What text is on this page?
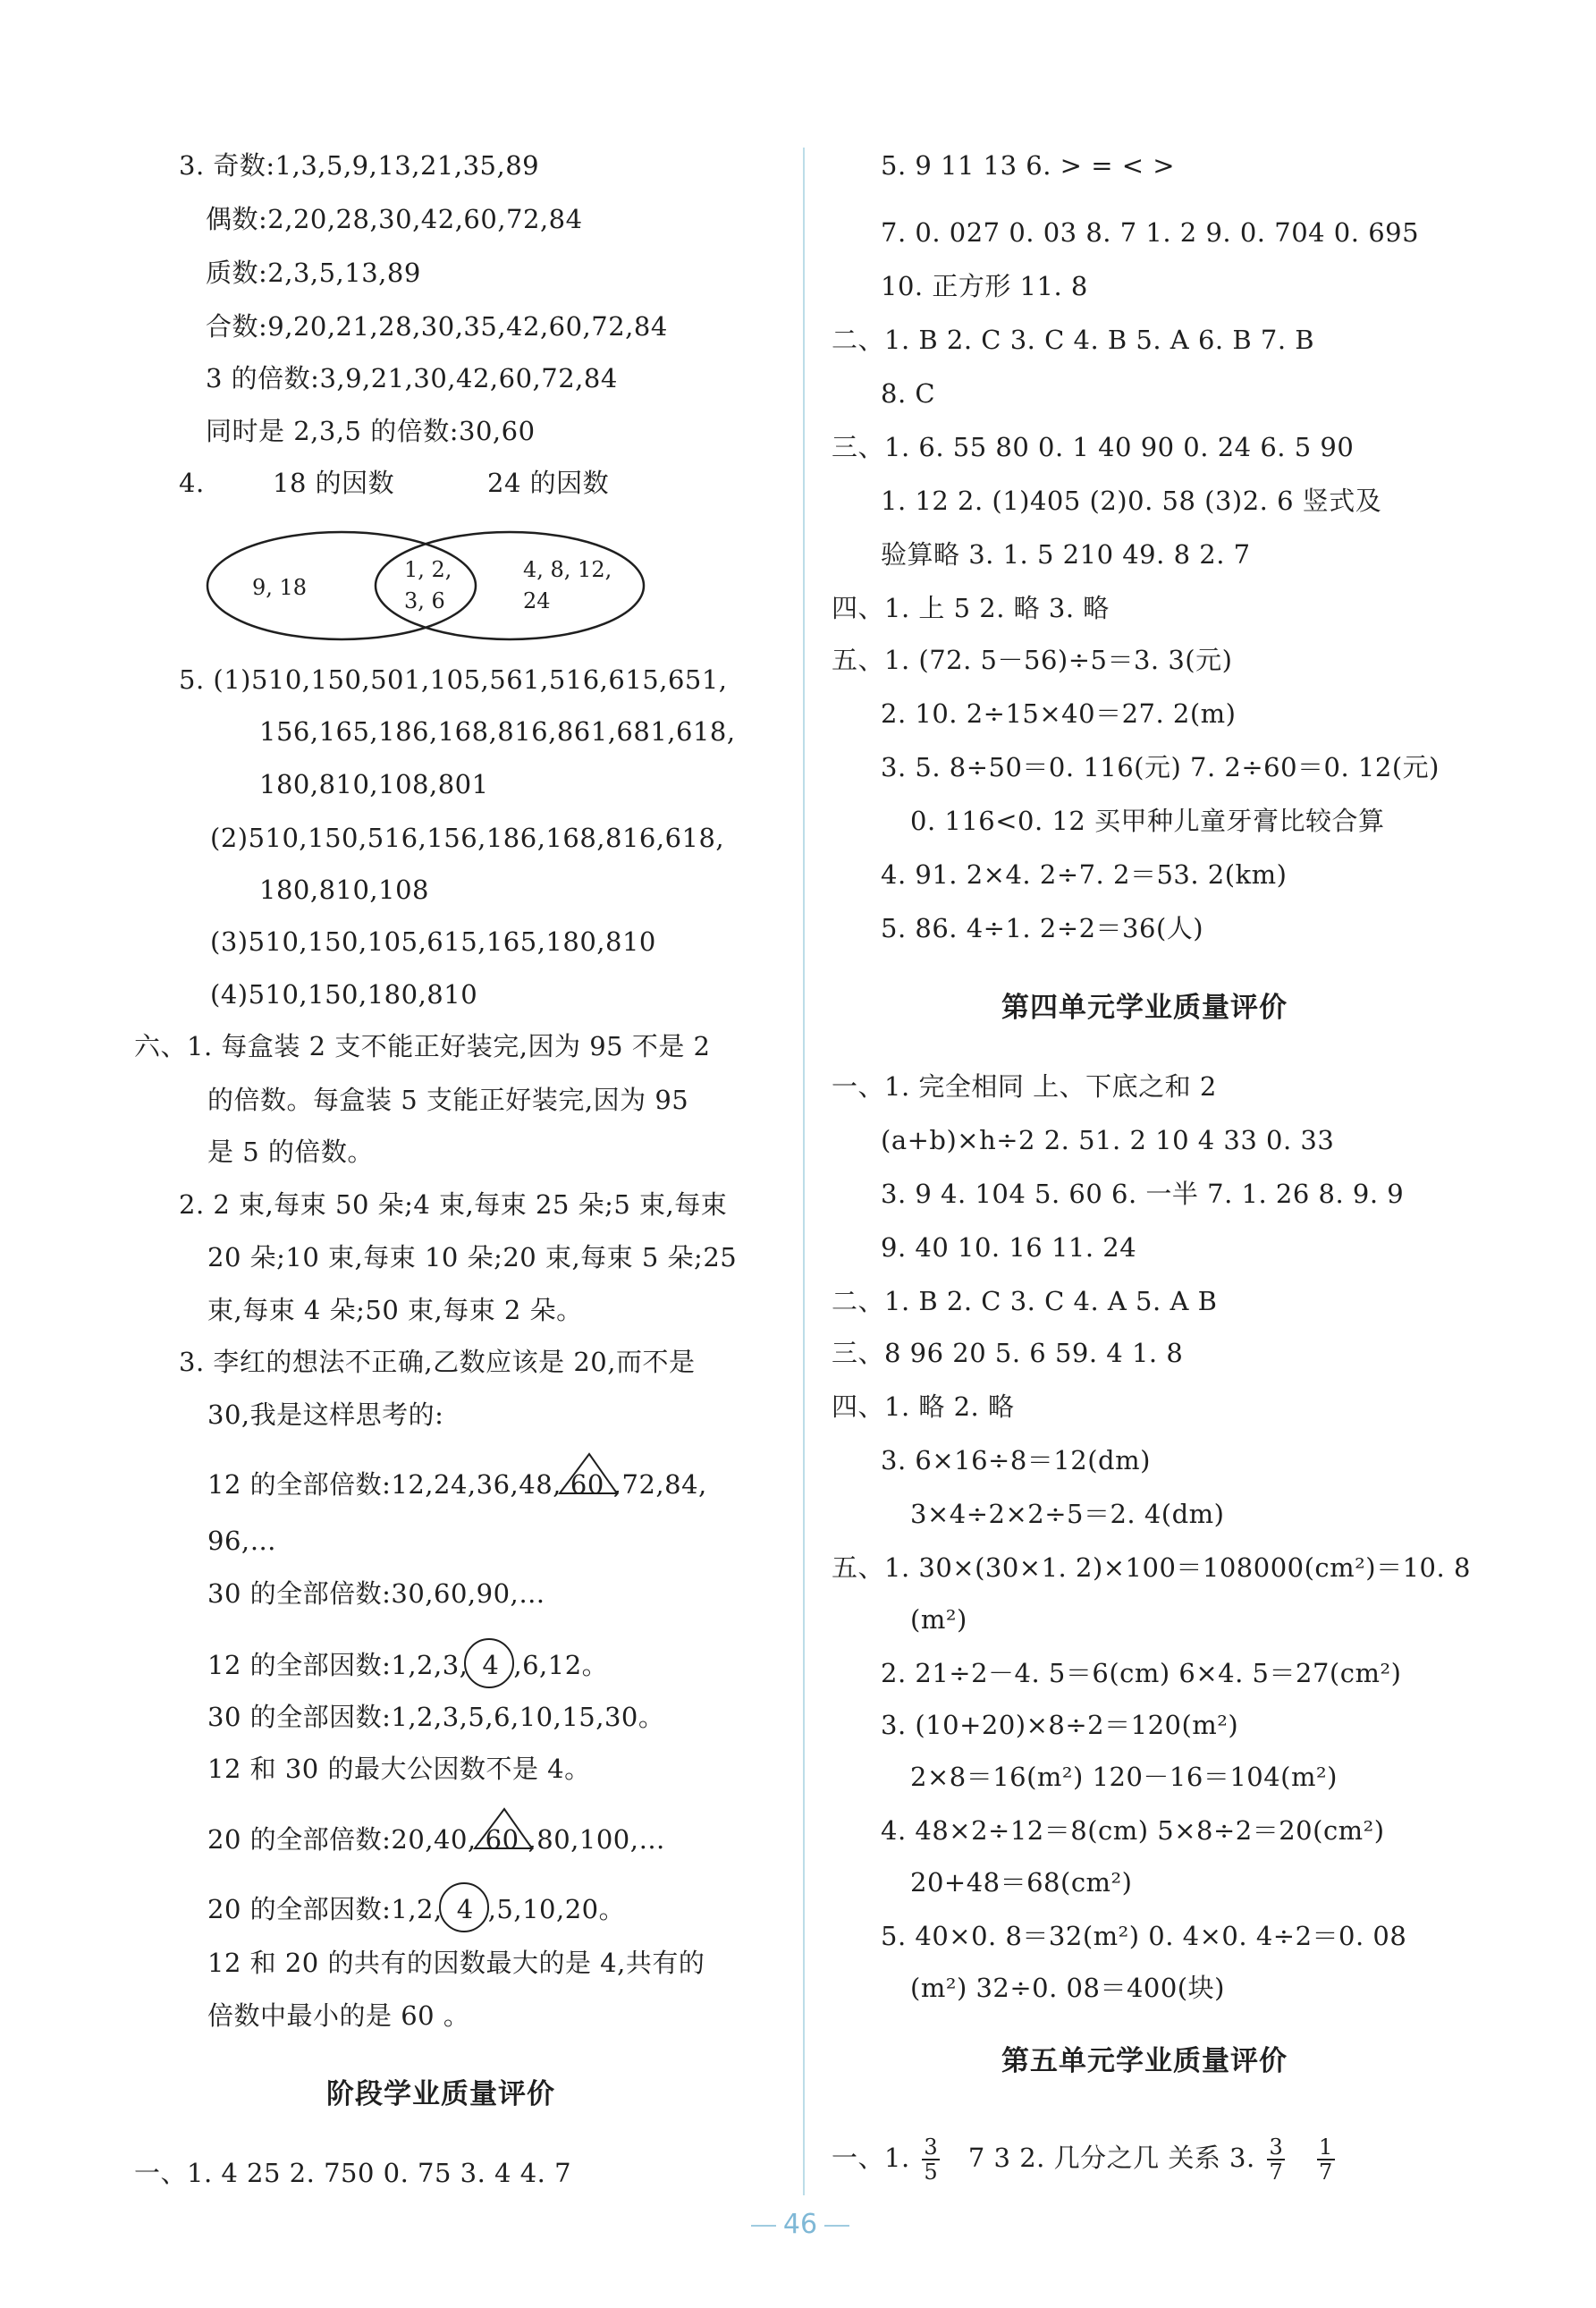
3. 奇数:1,3,5,9,13,21,35,89
偶数:2,20,28,30,42,60,72,84
质数:2,3,5,13,89
合数:9,20,21,28,30,35,42,60,72,84
3 的倍数:3,9,21,30,42,60,72,84
同时是 2,3,5 的倍数:30,60
4.	18 的因数	24 的因数
9, 18
1, 2,
3, 6
4, 8, 12,
24
5. (1)510,150,501,105,561,516,615,651,
156,165,186,168,816,861,681,618,
180,810,108,801
(2)510,150,516,156,186,168,816,618,
180,810,108
(3)510,150,105,615,165,180,810
(4)510,150,180,810
六、1. 每盒装 2 支不能正好装完,因为 95 不是 2
的倍数。每盒装 5 支能正好装完,因为 95
是 5 的倍数。
2. 2 束,每束 50 朵;4 束,每束 25 朵;5 束,每束
20 朵;10 束,每束 10 朵;20 束,每束 5 朵;25
束,每束 4 朵;50 束,每束 2 朵。
3. 李红的想法不正确,乙数应该是 20,而不是
30,我是这样思考的:
12 的全部倍数:12,24,36,48, 60 ,72,84,
96,…
30 的全部倍数:30,60,90,…
12 的全部因数:1,2,3, 4 ,6,12。
30 的全部因数:1,2,3,5,6,10,15,30。
12 和 30 的最大公因数不是 4。
20 的全部倍数:20,40, 60 ,80,100,…
20 的全部因数:1,2, 4 ,5,10,20。
12 和 20 的共有的因数最大的是 4,共有的
倍数中最小的是 60 。
阶段学业质量评价
一、1. 4 25 2. 750 0. 75 3. 4 4. 7
5. 9 11 13 6. > = < >
7. 0. 027 0. 03 8. 7 1. 2 9. 0. 704 0. 695
10. 正方形 11. 8
二、1. B 2. C 3. C 4. B 5. A 6. B 7. B
8. C
三、1. 6. 55 80 0. 1 40 90 0. 24 6. 5 90
1. 12 2. (1)405 (2)0. 58 (3)2. 6 竖式及
验算略 3. 1. 5 210 49. 8 2. 7
四、1. 上 5 2. 略 3. 略
五、1. (72. 5－56)÷5＝3. 3(元)
2. 10. 2÷15×40＝27. 2(m)
3. 5. 8÷50＝0. 116(元) 7. 2÷60＝0. 12(元)
0. 116<0. 12 买甲种儿童牙膏比较合算
4. 91. 2×4. 2÷7. 2＝53. 2(km)
5. 86. 4÷1. 2÷2＝36(人)
第四单元学业质量评价
一、1. 完全相同 上、下底之和 2
(a+b)×h÷2 2. 51. 2 10 4 33 0. 33
3. 9 4. 104 5. 60 6. 一半 7. 1. 26 8. 9. 9
9. 40 10. 16 11. 24
二、1. B 2. C 3. C 4. A 5. A B
三、8 96 20 5. 6 59. 4 1. 8
四、1. 略 2. 略
3. 6×16÷8＝12(dm)
3×4÷2×2÷5＝2. 4(dm)
五、1. 30×(30×1. 2)×100＝108000(cm²)＝10. 8
(m²)
2. 21÷2－4. 5＝6(cm) 6×4. 5＝27(cm²)
3. (10+20)×8÷2＝120(m²)
2×8＝16(m²) 120－16＝104(m²)
4. 48×2÷12＝8(cm) 5×8÷2＝20(cm²)
20+48＝68(cm²)
5. 40×0. 8＝32(m²) 0. 4×0. 4÷2＝0. 08
(m²) 32÷0. 08＝400(块)
第五单元学业质量评价
一、1. $\frac{3}{5} 7$ 3 2. 几分之几 关系 3. $\frac{3}{7}$
$\frac{1}{7}$
46
